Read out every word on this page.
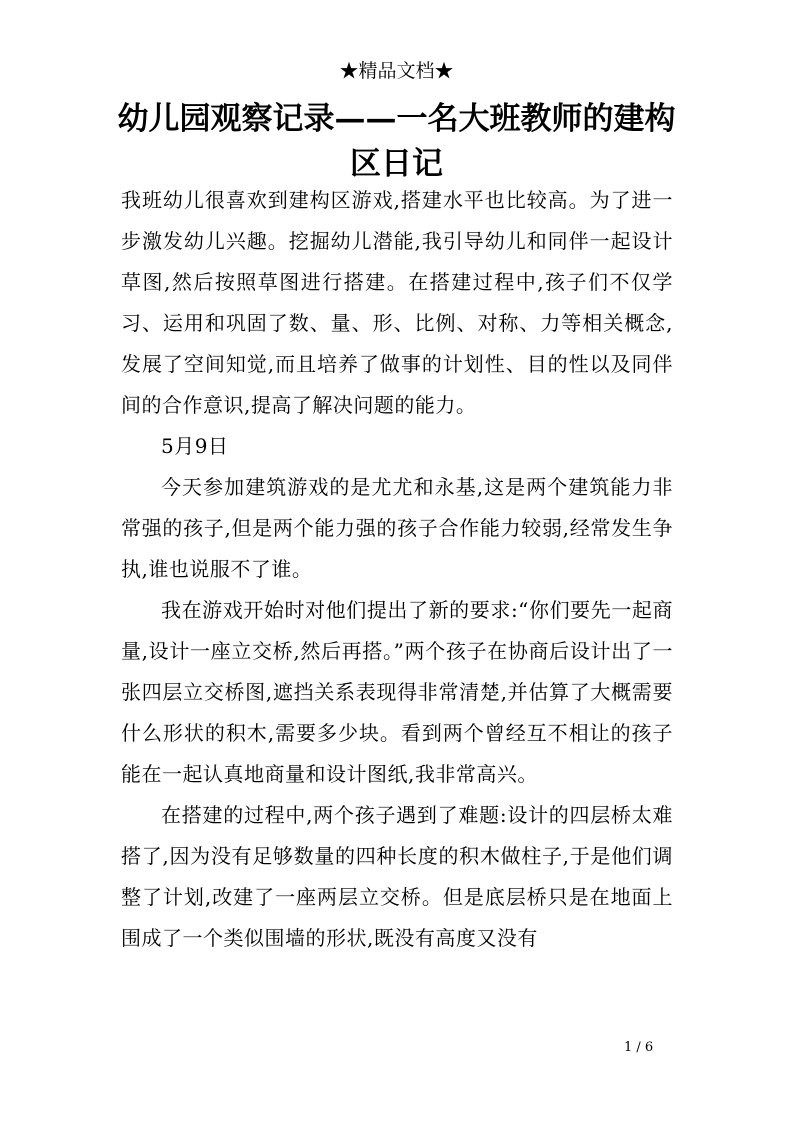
★精品文档★
幼儿园观察记录——一名大班教师的建构
区日记

我班幼儿很喜欢到建构区游戏,搭建水平也比较高。为了进一步激发幼儿兴趣。挖掘幼儿潜能,我引导幼儿和同伴一起设计草图,然后按照草图进行搭建。在搭建过程中,孩子们不仅学习、运用和巩固了数、量、形、比例、对称、力等相关概念,发展了空间知觉,而且培养了做事的计划性、目的性以及同伴间的合作意识,提高了解决问题的能力。

5月9日

今天参加建筑游戏的是尤尤和永基,这是两个建筑能力非常强的孩子,但是两个能力强的孩子合作能力较弱,经常发生争执,谁也说服不了谁。

我在游戏开始时对他们提出了新的要求:“你们要先一起商量,设计一座立交桥,然后再搭。”两个孩子在协商后设计出了一张四层立交桥图,遮挡关系表现得非常清楚,并估算了大概需要什么形状的积木,需要多少块。看到两个曾经互不相让的孩子能在一起认真地商量和设计图纸,我非常高兴。

在搭建的过程中,两个孩子遇到了难题:设计的四层桥太难搭了,因为没有足够数量的四种长度的积木做柱子,于是他们调整了计划,改建了一座两层立交桥。但是底层桥只是在地面上围成了一个类似围墙的形状,既没有高度又没有

1 / 6
